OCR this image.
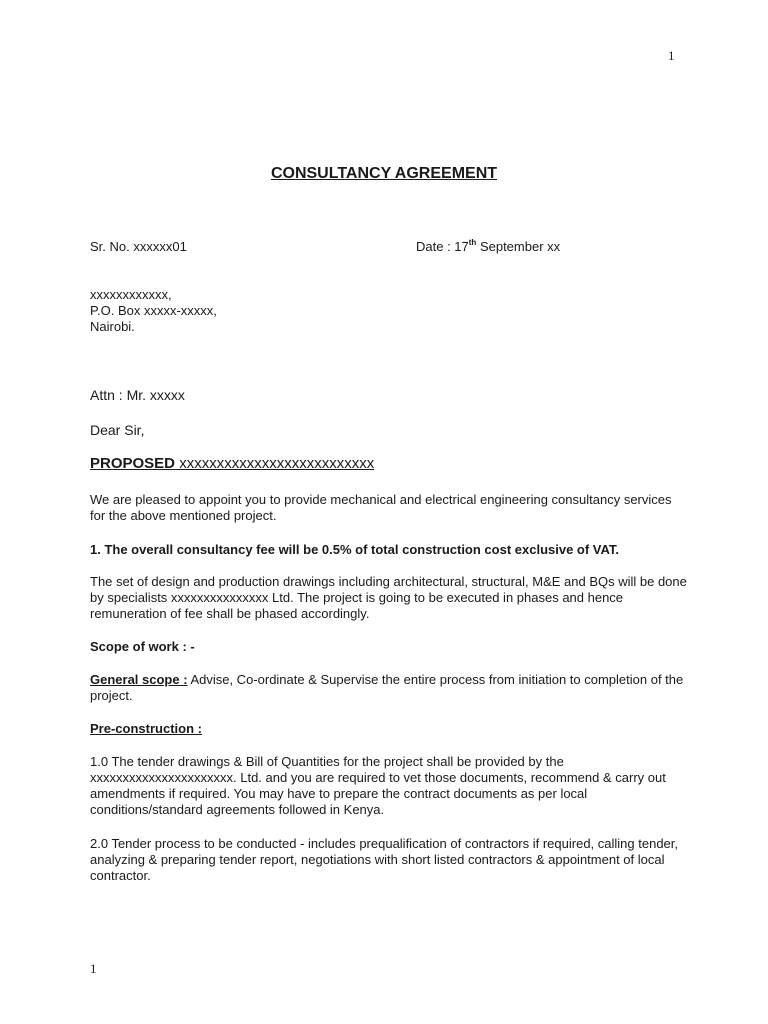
1
CONSULTANCY AGREEMENT
Sr. No. xxxxxx01	Date : 17th September xx
xxxxxxxxxxxx,
P.O. Box xxxxx-xxxxx,
Nairobi.
Attn : Mr. xxxxx
Dear Sir,
PROPOSED xxxxxxxxxxxxxxxxxxxxxxxxxx

We are pleased to appoint you to provide mechanical and electrical engineering consultancy services for the above mentioned project.

1. The overall consultancy fee will be 0.5% of total construction cost exclusive of VAT.

The set of design and production drawings including architectural, structural, M&E and BQs will be done by specialists xxxxxxxxxxxxxxx Ltd. The project is going to be executed in phases and hence remuneration of fee shall be phased accordingly.

Scope of work : -

General scope : Advise, Co-ordinate & Supervise the entire process from initiation to completion of the project.

Pre-construction :

1.0 The tender drawings & Bill of Quantities for the project shall be provided by the xxxxxxxxxxxxxxxxxxxxxx. Ltd. and you are required to vet those documents, recommend & carry out amendments if required. You may have to prepare the contract documents as per local conditions/standard agreements followed in Kenya.

2.0 Tender process to be conducted - includes prequalification of contractors if required, calling tender, analyzing & preparing tender report, negotiations with short listed contractors & appointment of local contractor.

1
